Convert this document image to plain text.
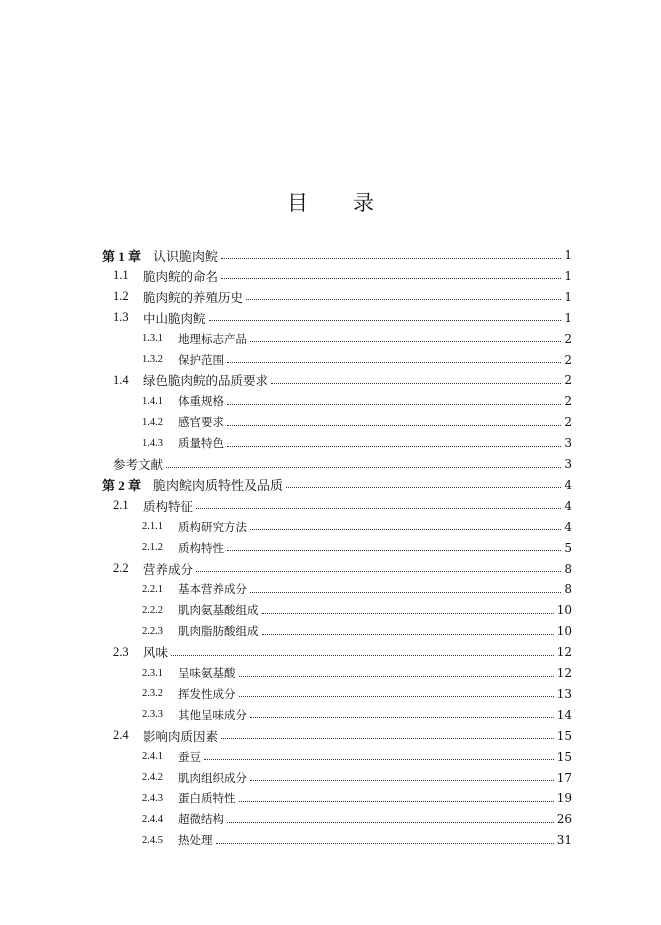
目 录
第 1 章 认识脆肉鲩	1
1.1	脆肉鲩的命名	1
1.2	脆肉鲩的养殖历史	1
1.3	中山脆肉鲩	1
1.3.1	地理标志产品	2
1.3.2	保护范围	2
1.4	绿色脆肉鲩的品质要求	2
1.4.1	体重规格	2
1.4.2	感官要求	2
1.4.3	质量特色	3
参考文献	3
第 2 章 脆肉鲩肉质特性及品质	4
2.1	质构特征	4
2.1.1	质构研究方法	4
2.1.2	质构特性	5
2.2	营养成分	8
2.2.1	基本营养成分	8
2.2.2	肌肉氨基酸组成	10
2.2.3	肌肉脂肪酸组成	10
2.3	风味	12
2.3.1	呈味氨基酸	12
2.3.2	挥发性成分	13
2.3.3	其他呈味成分	14
2.4	影响肉质因素	15
2.4.1	蚕豆	15
2.4.2	肌肉组织成分	17
2.4.3	蛋白质特性	19
2.4.4	超微结构	26
2.4.5	热处理	31
